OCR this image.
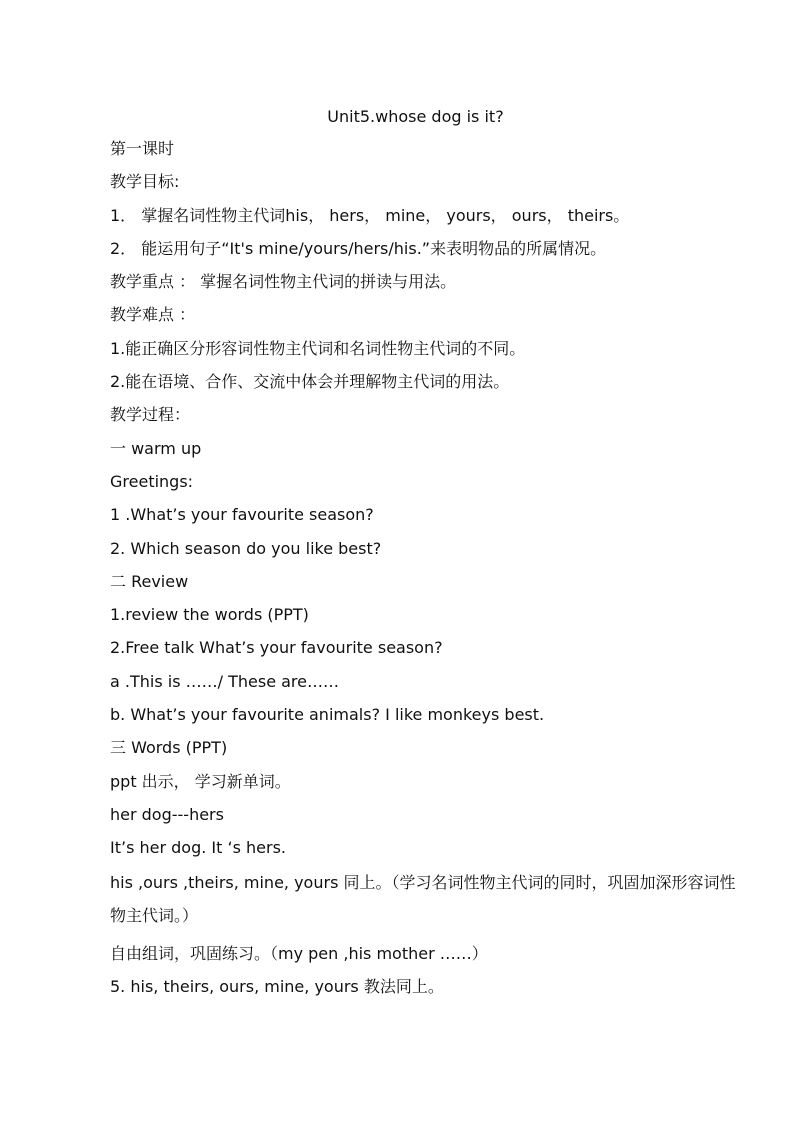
Unit5.whose dog is it?
第一课时
教学目标:
1． 掌握名词性物主代词his， hers， mine， yours， ours， theirs。
2． 能运用句子“It's mine/yours/hers/his.”来表明物品的所属情况。
教学重点 ： 掌握名词性物主代词的拼读与用法。
教学难点 ：
1.能正确区分形容词性物主代词和名词性物主代词的不同。
2.能在语境、合作、交流中体会并理解物主代词的用法。
教学过程：
一 warm up
Greetings:
1 .What’s your favourite season?
2. Which season do you like best?
二 Review
1.review the words (PPT)
2.Free talk What’s your favourite season?
a .This is ……/ These are……
b. What’s your favourite animals? I like monkeys best.
三 Words (PPT)
ppt 出示， 学习新单词。
her dog---hers
It’s her dog. It ‘s hers.
his ,ours ,theirs, mine, yours 同上。（学习名词性物主代词的同时，巩固加深形容词性物主代词。）
自由组词，巩固练习。（my pen ,his mother ……）
5. his, theirs, ours, mine, yours 教法同上。
